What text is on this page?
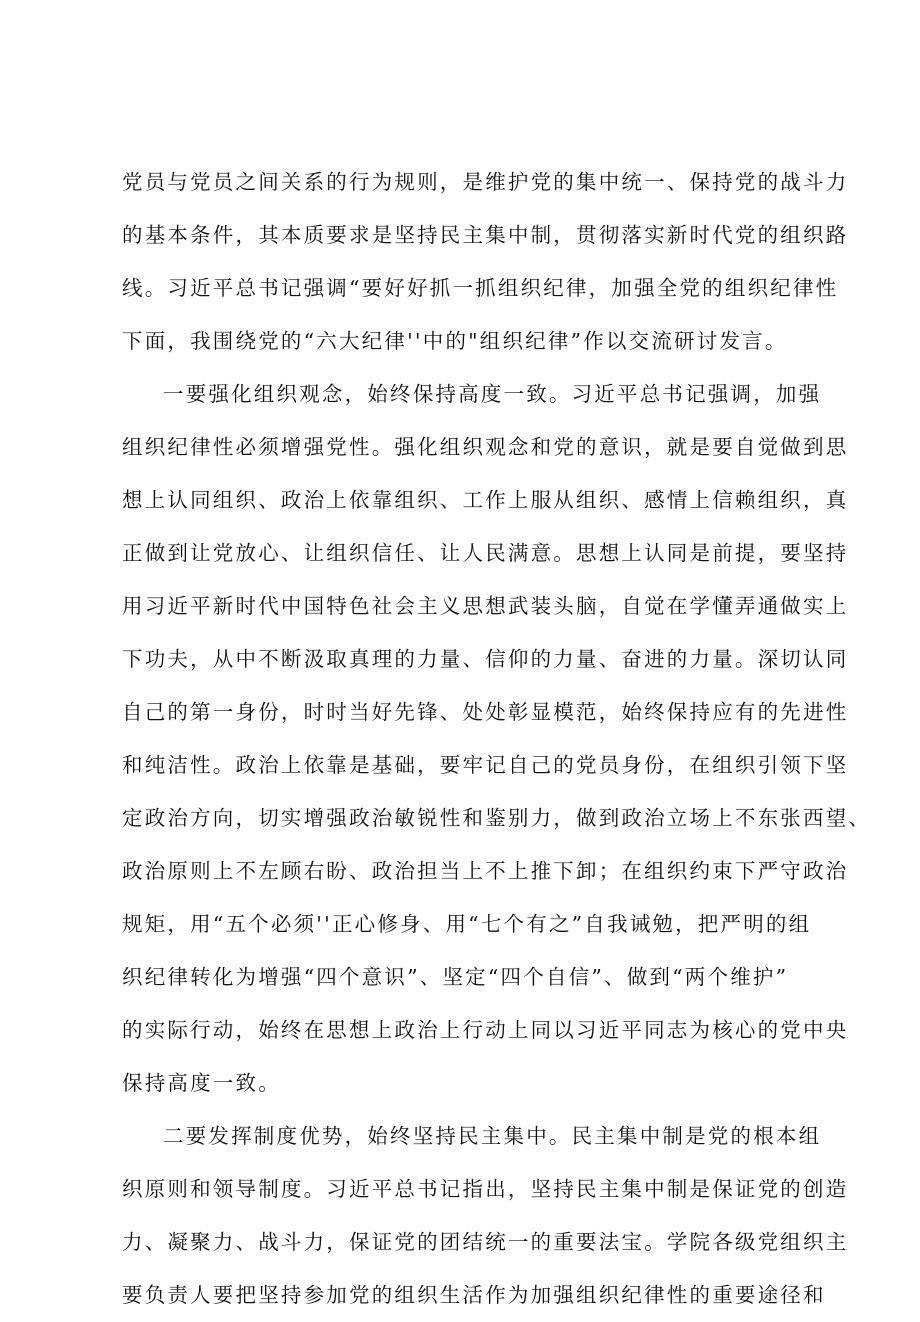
党员与党员之间关系的行为规则，是维护党的集中统一、保持党的战斗力
的基本条件，其本质要求是坚持民主集中制，贯彻落实新时代党的组织路
线。习近平总书记强调“要好好抓一抓组织纪律，加强全党的组织纪律性
下面，我围绕党的“六大纪律''中的"组织纪律”作以交流研讨发言。
一要强化组织观念，始终保持高度一致。习近平总书记强调，加强
组织纪律性必须增强党性。强化组织观念和党的意识，就是要自觉做到思
想上认同组织、政治上依靠组织、工作上服从组织、感情上信赖组织，真
正做到让党放心、让组织信任、让人民满意。思想上认同是前提，要坚持
用习近平新时代中国特色社会主义思想武装头脑，自觉在学懂弄通做实上
下功夫，从中不断汲取真理的力量、信仰的力量、奋进的力量。深切认同
自己的第一身份，时时当好先锋、处处彰显模范，始终保持应有的先进性
和纯洁性。政治上依靠是基础，要牢记自己的党员身份，在组织引领下坚
定政治方向，切实增强政治敏锐性和鉴别力，做到政治立场上不东张西望、
政治原则上不左顾右盼、政治担当上不上推下卸；在组织约束下严守政治
规矩，用“五个必须''正心修身、用“七个有之”自我诫勉，把严明的组
织纪律转化为增强“四个意识”、坚定“四个自信”、做到“两个维护”
的实际行动，始终在思想上政治上行动上同以习近平同志为核心的党中央
保持高度一致。
二要发挥制度优势，始终坚持民主集中。民主集中制是党的根本组
织原则和领导制度。习近平总书记指出，坚持民主集中制是保证党的创造
力、凝聚力、战斗力，保证党的团结统一的重要法宝。学院各级党组织主
要负责人要把坚持参加党的组织生活作为加强组织纪律性的重要途径和
